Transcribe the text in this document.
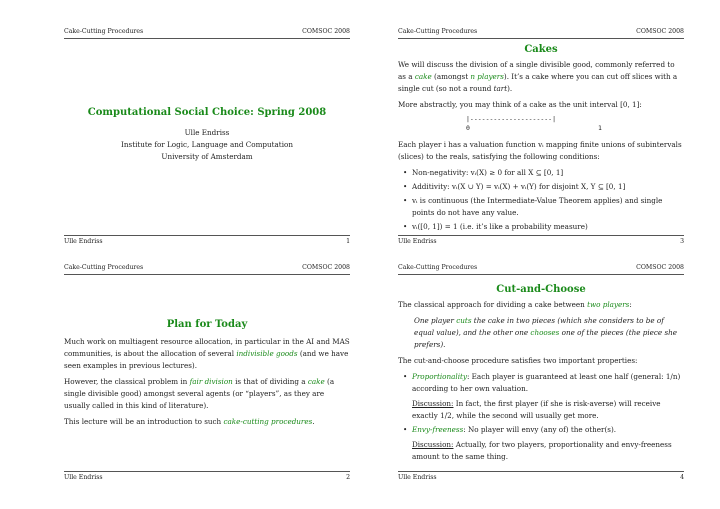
Cake-Cutting Procedures	COMSOC 2008
Computational Social Choice: Spring 2008
Ulle Endriss
Institute for Logic, Language and Computation
University of Amsterdam
Ulle Endriss	1
Cake-Cutting Procedures	COMSOC 2008
Cakes

We will discuss the division of a single divisible good, commonly referred to as a cake (amongst n players). It’s a cake where you can cut off slices with a single cut (so not a round tart).

More abstractly, you may think of a cake as the unit interval [0, 1]:

|---------------------|
0	1

Each player i has a valuation function vᵢ mapping finite unions of subintervals (slices) to the reals, satisfying the following conditions:

• Non-negativity: vᵢ(X) ≥ 0 for all X ⊆ [0, 1]
• Additivity: vᵢ(X ∪ Y) = vᵢ(X) + vᵢ(Y) for disjoint X, Y ⊆ [0, 1]
• vᵢ is continuous (the Intermediate-Value Theorem applies) and single points do not have any value.
• vᵢ([0, 1]) = 1 (i.e. it’s like a probability measure)
Ulle Endriss	3
Cake-Cutting Procedures	COMSOC 2008
Plan for Today

Much work on multiagent resource allocation, in particular in the AI and MAS communities, is about the allocation of several indivisible goods (and we have seen examples in previous lectures).

However, the classical problem in fair division is that of dividing a cake (a single divisible good) amongst several agents (or “players”, as they are usually called in this kind of literature).

This lecture will be an introduction to such cake-cutting procedures.

Ulle Endriss	2
Cake-Cutting Procedures	COMSOC 2008
Cut-and-Choose

The classical approach for dividing a cake between two players:

One player cuts the cake in two pieces (which she considers to be of equal value), and the other one chooses one of the pieces (the piece she prefers).

The cut-and-choose procedure satisfies two important properties:

• Proportionality: Each player is guaranteed at least one half (general: 1/n) according to her own valuation.
Discussion: In fact, the first player (if she is risk-averse) will receive exactly 1/2, while the second will usually get more.
• Envy-freeness: No player will envy (any of) the other(s).
Discussion: Actually, for two players, proportionality and envy-freeness amount to the same thing.
Ulle Endriss	4
